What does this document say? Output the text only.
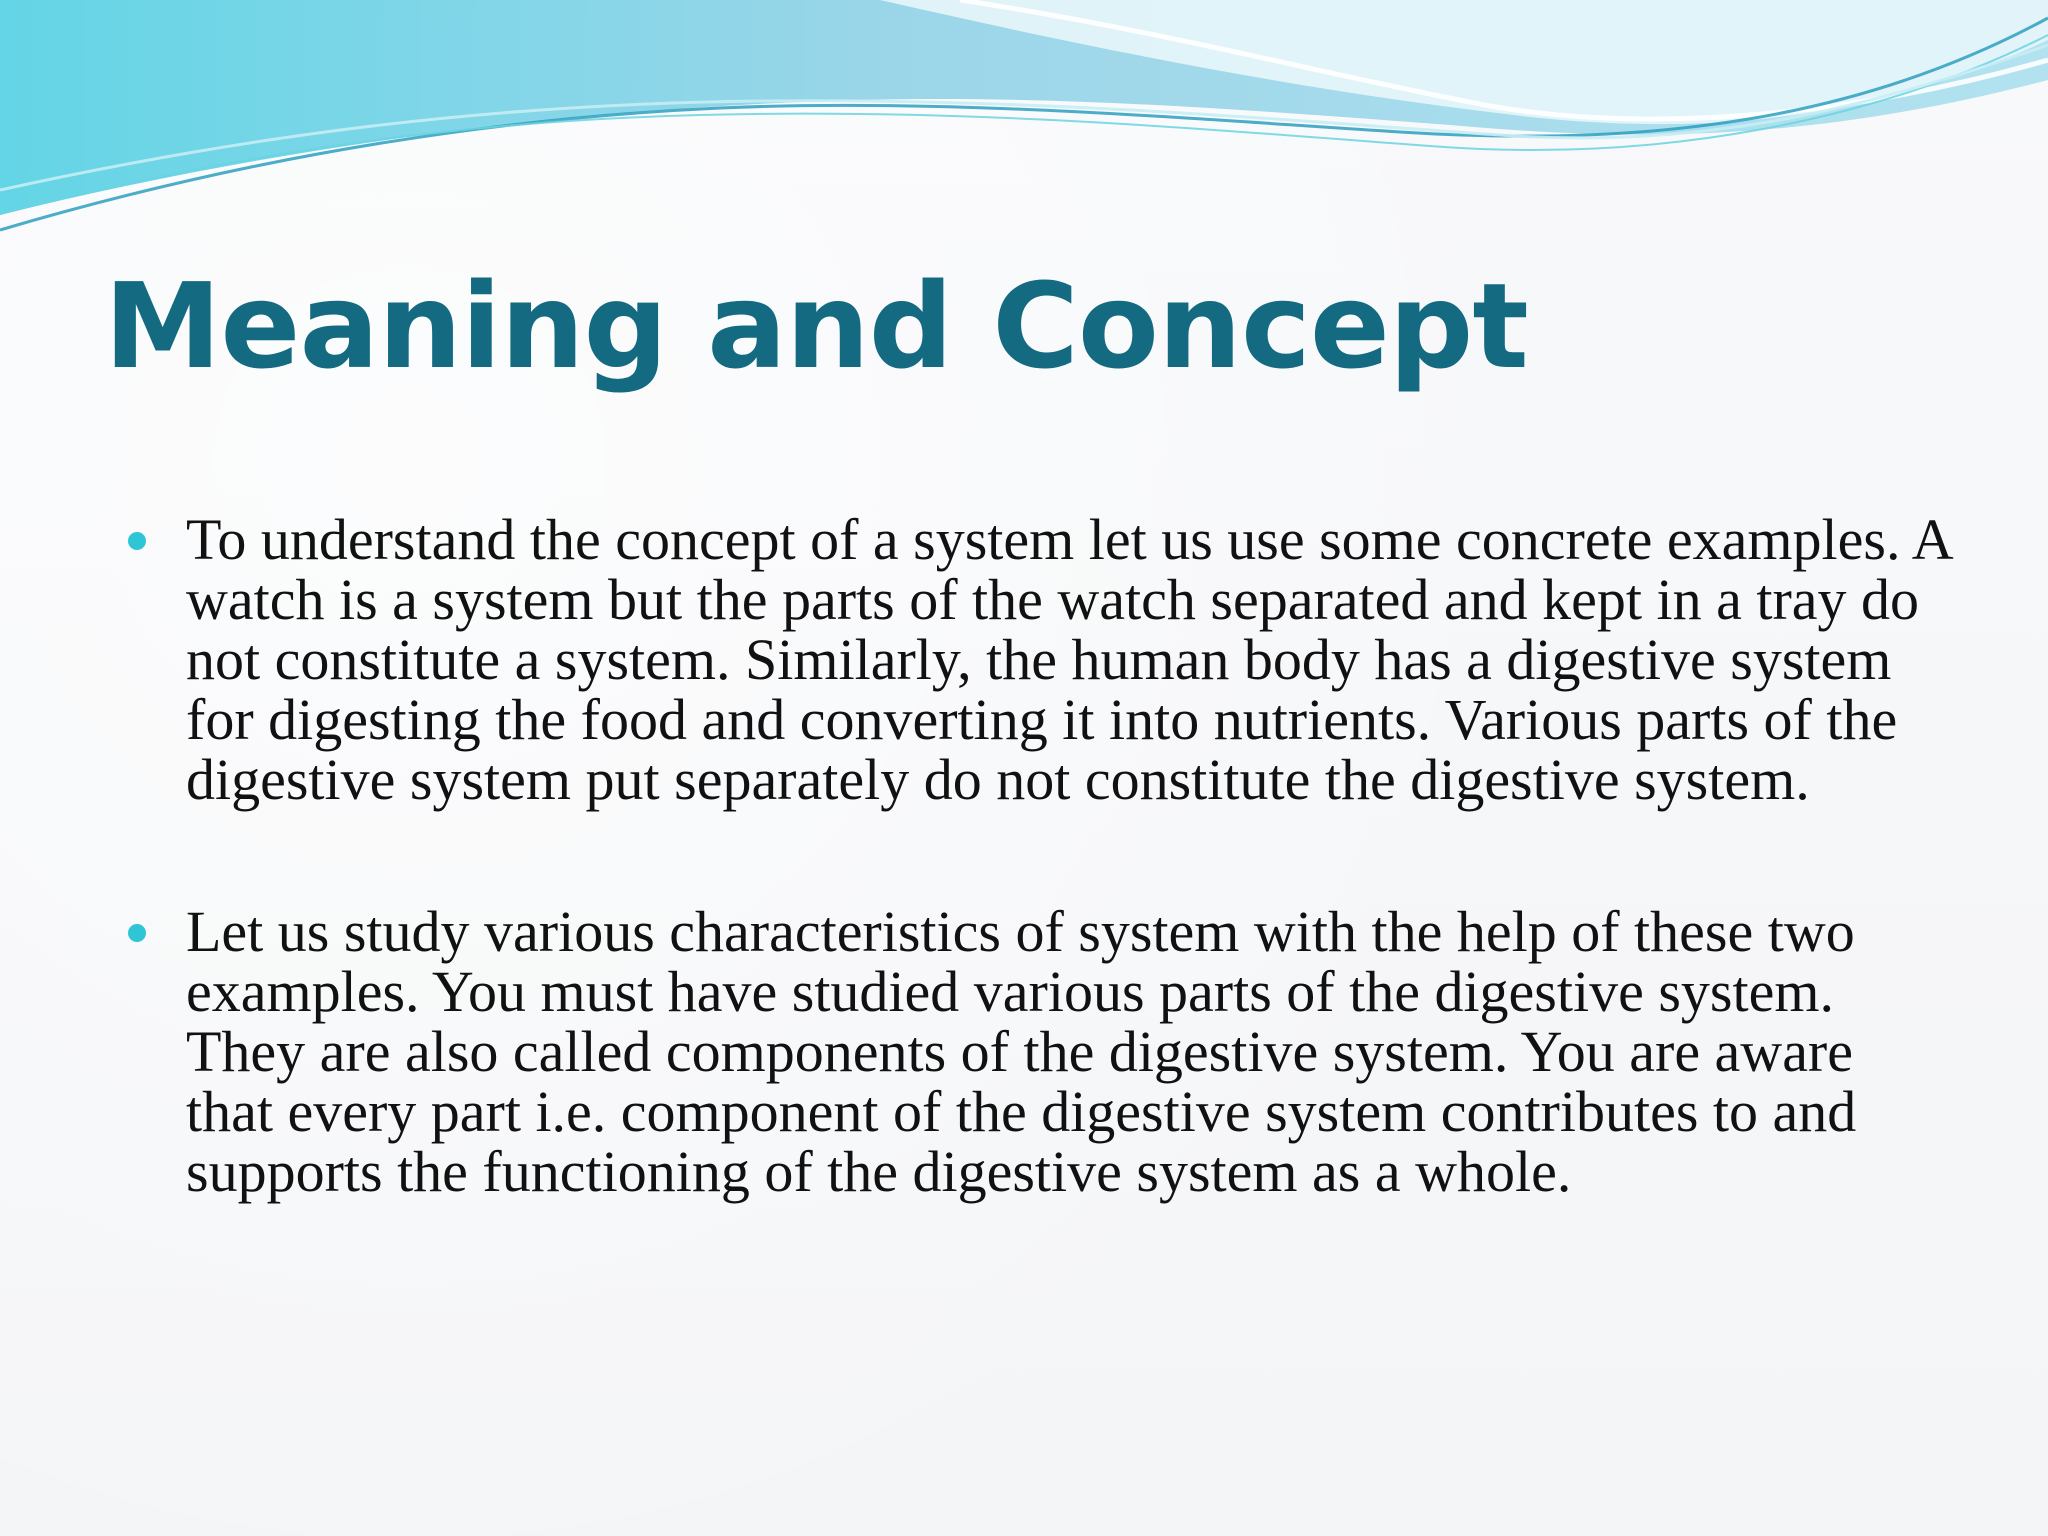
Meaning and Concept

To understand the concept of a system let us use some concrete examples. A watch is a system but the parts of the watch separated and kept in a tray do not constitute a system. Similarly, the human body has a digestive system for digesting the food and converting it into nutrients. Various parts of the digestive system put separately do not constitute the digestive system.

Let us study various characteristics of system with the help of these two examples. You must have studied various parts of the digestive system. They are also called components of the digestive system. You are aware that every part i.e. component of the digestive system contributes to and supports the functioning of the digestive system as a whole.
